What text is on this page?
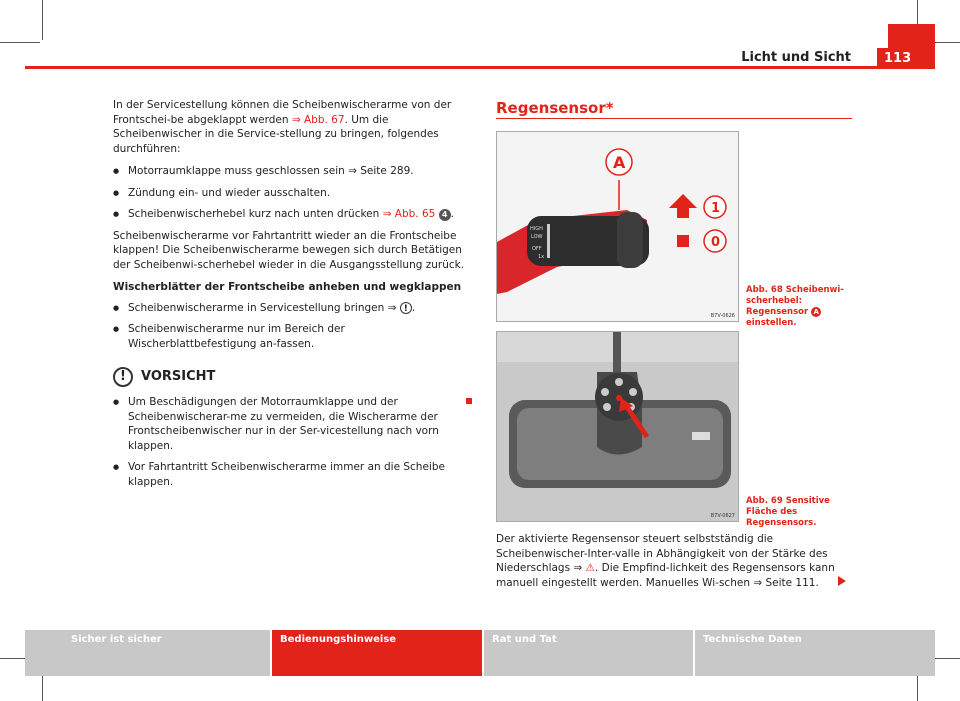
Licht und Sicht	113

In der Servicestellung können die Scheibenwischerarme von der Frontschei-be abgeklappt werden ⇒ Abb. 67. Um die Scheibenwischer in die Service-stellung zu bringen, folgendes durchführen:

● Motorraumklappe muss geschlossen sein ⇒ Seite 289.
● Zündung ein- und wieder ausschalten.
● Scheibenwischerhebel kurz nach unten drücken ⇒ Abb. 65 4 .

Scheibenwischerarme vor Fahrtantritt wieder an die Frontscheibe klappen! Die Scheibenwischerarme bewegen sich durch Betätigen der Scheibenwi-scherhebel wieder in die Ausgangsstellung zurück.

Wischerblätter der Frontscheibe anheben und wegklappen
● Scheibenwischerarme in Servicestellung bringen ⇒ ! .
● Scheibenwischerarme nur im Bereich der Wischerblattbefestigung an-fassen.
!	VORSICHT
● Um Beschädigungen der Motorraumklappe und der Scheibenwischerar-me zu vermeiden, die Wischerarme der Frontscheibenwischer nur in der Ser-vicestellung nach vorn klappen.
● Vor Fahrtantritt Scheibenwischerarme immer an die Scheibe klappen.
Regensensor*
HIGH
LOW
OFF
1x
A
1
0
B7V-0626
Abb. 68 Scheibenwi-scherhebel: Regensensor A einstellen.
B7V-0627
Abb. 69 Sensitive Fläche des Regensensors.
Der aktivierte Regensensor steuert selbstständig die Scheibenwischer-Inter-valle in Abhängigkeit von der Stärke des Niederschlags ⇒ ⚠. Die Empfind-lichkeit des Regensensors kann manuell eingestellt werden. Manuelles Wi-schen ⇒ Seite 111.
Sicher ist sicher	Bedienungshinweise	Rat und Tat	Technische Daten
